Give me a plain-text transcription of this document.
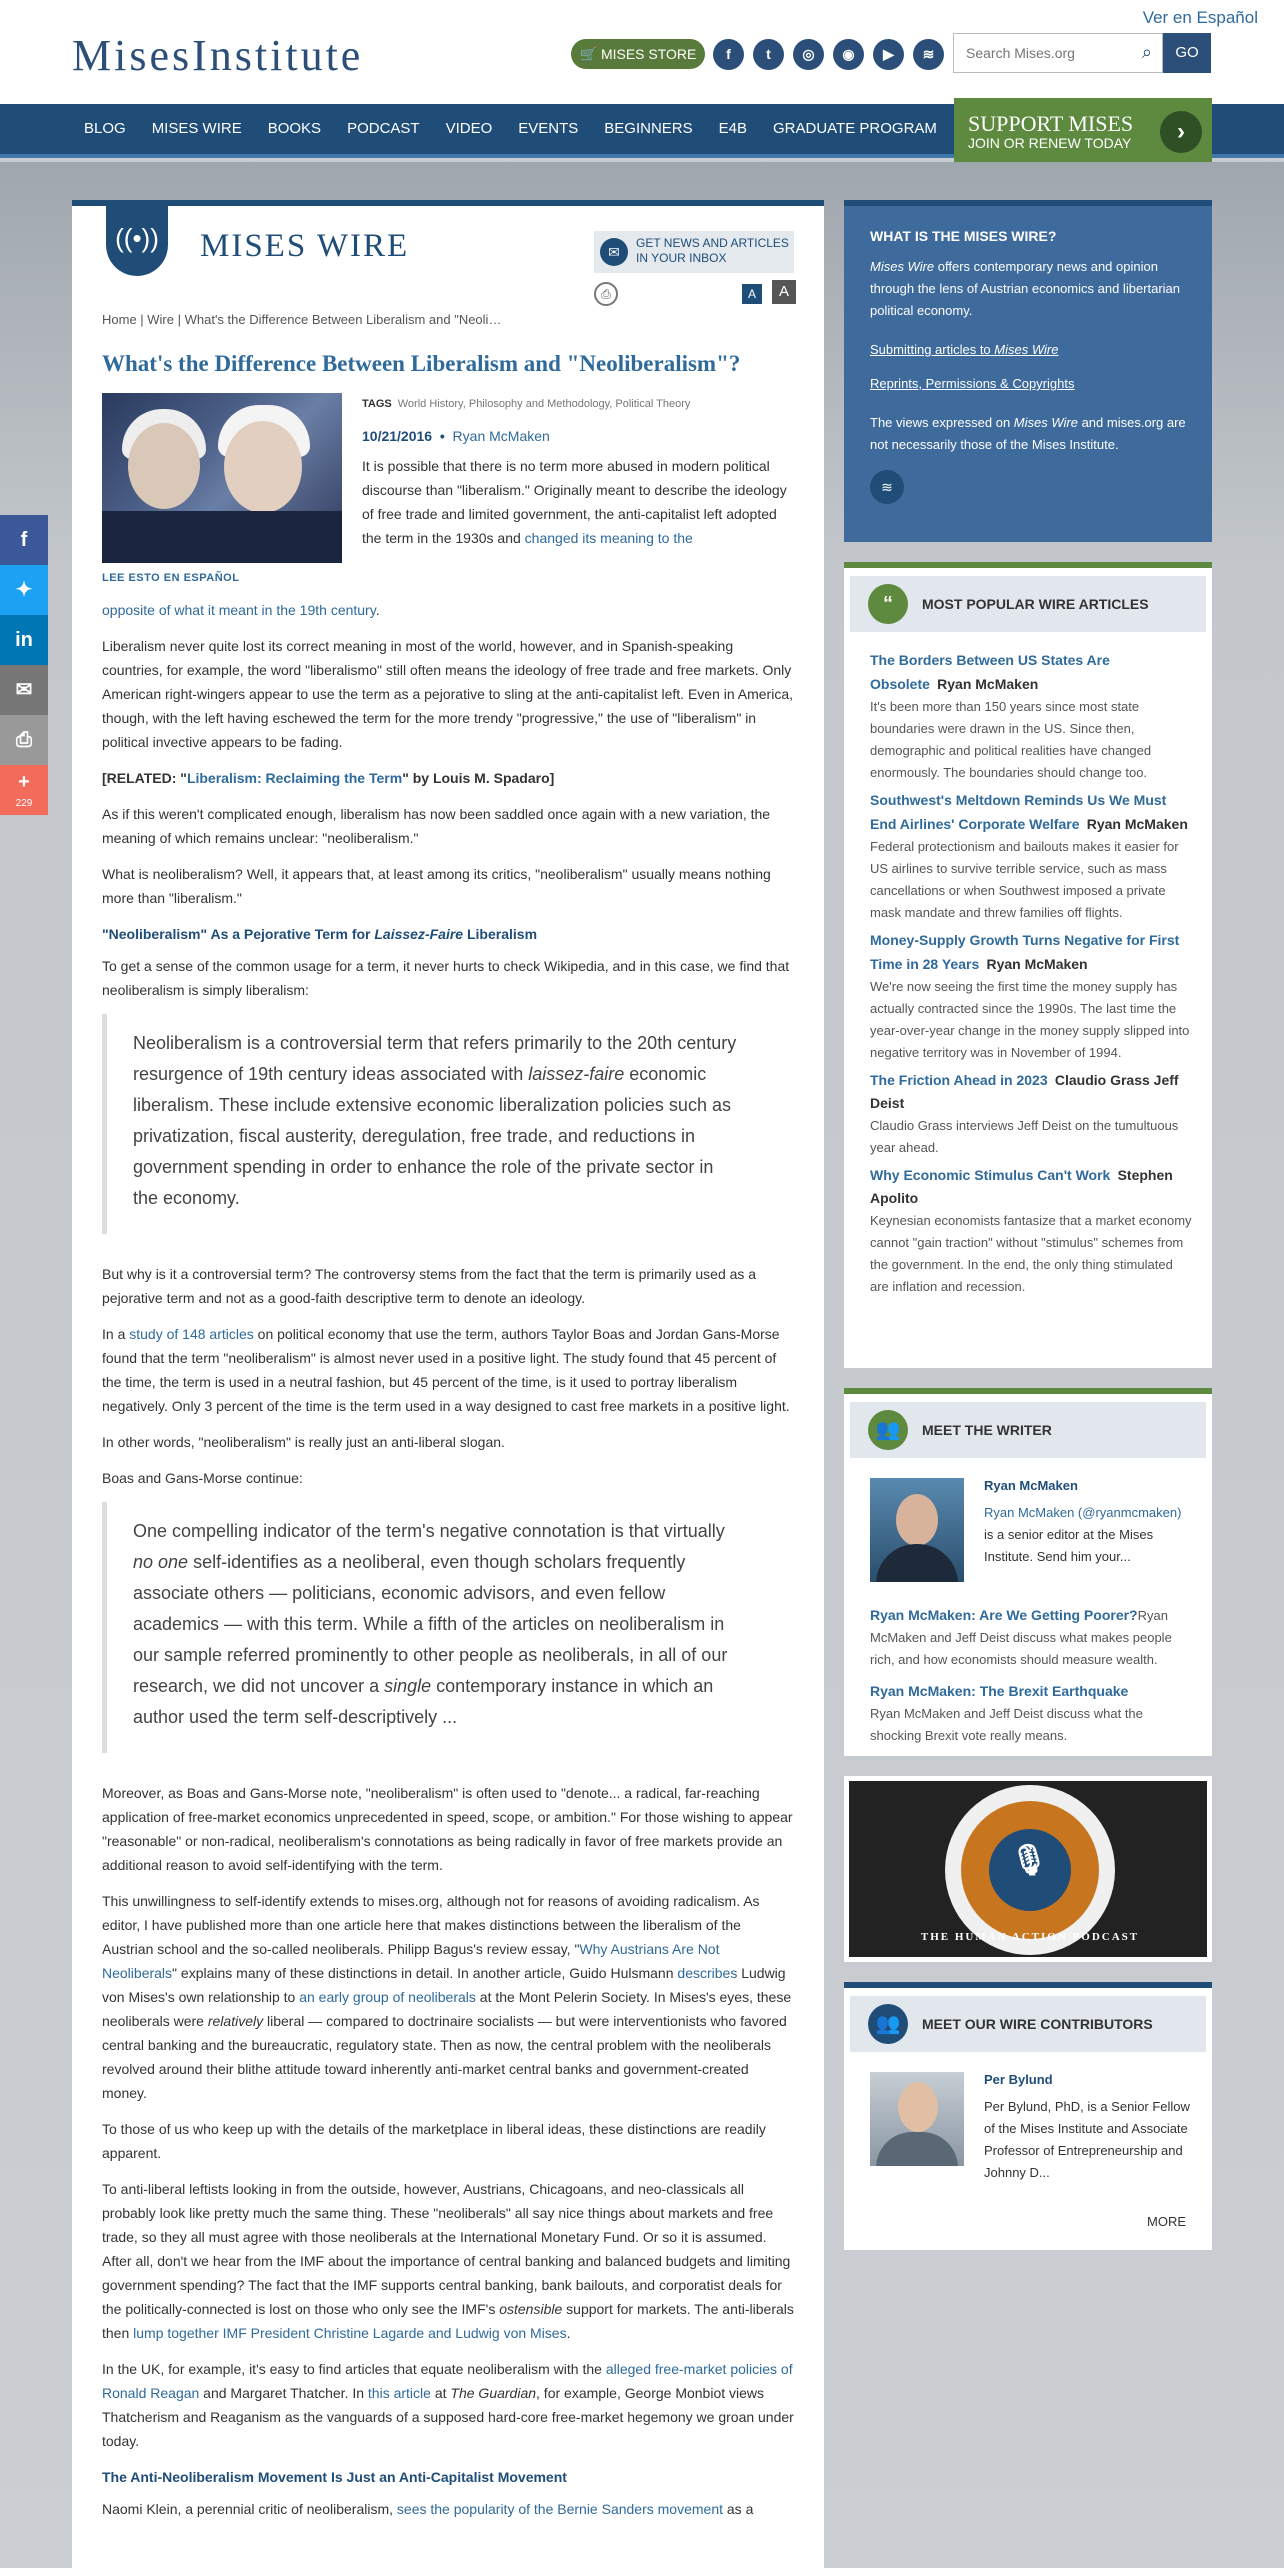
MisesInstitute
Ver en Español
🛒 MISES STORE	f	t	◎	◉	▶	≋
Search Mises.org	⌕	GO
BLOG MISES WIRE BOOKS PODCAST VIDEO EVENTS BEGINNERS E4B GRADUATE PROGRAM SUPPORT MISES
JOIN OR RENEW TODAY	›
f
✦
in
✉
⎙
+
229
((•)) MISES WIRE	✉
GET NEWS AND ARTICLES IN YOUR INBOX
⎙	A	A
Home | Wire | What's the Difference Between Liberalism and "Neoli…
What's the Difference Between Liberalism and "Neoliberalism"?
TAGS World History, Philosophy and Methodology, Political Theory
10/21/2016  •  Ryan McMaken
It is possible that there is no term more abused in modern political discourse than "liberalism." Originally meant to describe the ideology of free trade and limited government, the anti-capitalist left adopted the term in the 1930s and changed its meaning to the
LEE ESTO EN ESPAÑOL

opposite of what it meant in the 19th century.

Liberalism never quite lost its correct meaning in most of the world, however, and in Spanish-speaking countries, for example, the word "liberalismo" still often means the ideology of free trade and free markets. Only American right-wingers appear to use the term as a pejorative to sling at the anti-capitalist left. Even in America, though, with the left having eschewed the term for the more trendy "progressive," the use of "liberalism" in political invective appears to be fading.

[RELATED: "Liberalism: Reclaiming the Term" by Louis M. Spadaro]

As if this weren't complicated enough, liberalism has now been saddled once again with a new variation, the meaning of which remains unclear: "neoliberalism."

What is neoliberalism? Well, it appears that, at least among its critics, "neoliberalism" usually means nothing more than "liberalism."

"Neoliberalism" As a Pejorative Term for Laissez-Faire Liberalism

To get a sense of the common usage for a term, it never hurts to check Wikipedia, and in this case, we find that neoliberalism is simply liberalism:

Neoliberalism is a controversial term that refers primarily to the 20th century resurgence of 19th century ideas associated with laissez-faire economic liberalism. These include extensive economic liberalization policies such as privatization, fiscal austerity, deregulation, free trade, and reductions in government spending in order to enhance the role of the private sector in the economy.

But why is it a controversial term? The controversy stems from the fact that the term is primarily used as a pejorative term and not as a good-faith descriptive term to denote an ideology.

In a study of 148 articles on political economy that use the term, authors Taylor Boas and Jordan Gans-Morse found that the term "neoliberalism" is almost never used in a positive light. The study found that 45 percent of the time, the term is used in a neutral fashion, but 45 percent of the time, is it used to portray liberalism negatively. Only 3 percent of the time is the term used in a way designed to cast free markets in a positive light.

In other words, "neoliberalism" is really just an anti-liberal slogan.

Boas and Gans-Morse continue:

One compelling indicator of the term's negative connotation is that virtually no one self-identifies as a neoliberal, even though scholars frequently associate others — politicians, economic advisors, and even fellow academics — with this term. While a fifth of the articles on neoliberalism in our sample referred prominently to other people as neoliberals, in all of our research, we did not uncover a single contemporary instance in which an author used the term self-descriptively ...

Moreover, as Boas and Gans-Morse note, "neoliberalism" is often used to "denote... a radical, far-reaching application of free-market economics unprecedented in speed, scope, or ambition." For those wishing to appear "reasonable" or non-radical, neoliberalism's connotations as being radically in favor of free markets provide an additional reason to avoid self-identifying with the term.

This unwillingness to self-identify extends to mises.org, although not for reasons of avoiding radicalism. As editor, I have published more than one article here that makes distinctions between the liberalism of the Austrian school and the so-called neoliberals. Philipp Bagus's review essay, "Why Austrians Are Not Neoliberals" explains many of these distinctions in detail. In another article, Guido Hulsmann describes Ludwig von Mises's own relationship to an early group of neoliberals at the Mont Pelerin Society. In Mises's eyes, these neoliberals were relatively liberal — compared to doctrinaire socialists — but were interventionists who favored central banking and the bureaucratic, regulatory state. Then as now, the central problem with the neoliberals revolved around their blithe attitude toward inherently anti-market central banks and government-created money.

To those of us who keep up with the details of the marketplace in liberal ideas, these distinctions are readily apparent.

To anti-liberal leftists looking in from the outside, however, Austrians, Chicagoans, and neo-classicals all probably look like pretty much the same thing. These "neoliberals" all say nice things about markets and free trade, so they all must agree with those neoliberals at the International Monetary Fund. Or so it is assumed. After all, don't we hear from the IMF about the importance of central banking and balanced budgets and limiting government spending? The fact that the IMF supports central banking, bank bailouts, and corporatist deals for the politically-connected is lost on those who only see the IMF's ostensible support for markets. The anti-liberals then lump together IMF President Christine Lagarde and Ludwig von Mises.

In the UK, for example, it's easy to find articles that equate neoliberalism with the alleged free-market policies of Ronald Reagan and Margaret Thatcher. In this article at The Guardian, for example, George Monbiot views Thatcherism and Reaganism as the vanguards of a supposed hard-core free-market hegemony we groan under today.

The Anti-Neoliberalism Movement Is Just an Anti-Capitalist Movement

Naomi Klein, a perennial critic of neoliberalism, sees the popularity of the Bernie Sanders movement as a

WHAT IS THE MISES WIRE?
Mises Wire offers contemporary news and opinion through the lens of Austrian economics and libertarian political economy.
Submitting articles to Mises Wire
Reprints, Permissions & Copyrights
The views expressed on Mises Wire and mises.org are not necessarily those of the Mises Institute.
≋
“	MOST POPULAR WIRE ARTICLES
The Borders Between US States Are Obsolete Ryan McMaken
It's been more than 150 years since most state boundaries were drawn in the US. Since then, demographic and political realities have changed enormously. The boundaries should change too.
Southwest's Meltdown Reminds Us We Must End Airlines' Corporate Welfare Ryan McMaken
Federal protectionism and bailouts makes it easier for US airlines to survive terrible service, such as mass cancellations or when Southwest imposed a private mask mandate and threw families off flights.
Money-Supply Growth Turns Negative for First Time in 28 Years Ryan McMaken
We're now seeing the first time the money supply has actually contracted since the 1990s. The last time the year-over-year change in the money supply slipped into negative territory was in November of 1994.
The Friction Ahead in 2023 Claudio Grass Jeff Deist
Claudio Grass interviews Jeff Deist on the tumultuous year ahead.
Why Economic Stimulus Can't Work Stephen Apolito
Keynesian economists fantasize that a market economy cannot "gain traction" without "stimulus" schemes from the government. In the end, the only thing stimulated are inflation and recession.
👥	MEET THE WRITER
Ryan McMaken
Ryan McMaken (@ryanmcmaken) is a senior editor at the Mises Institute. Send him your...
Ryan McMaken: Are We Getting Poorer?Ryan McMaken and Jeff Deist discuss what makes people rich, and how economists should measure wealth.
Ryan McMaken: The Brexit Earthquake
Ryan McMaken and Jeff Deist discuss what the shocking Brexit vote really means.
🎙
THE HUMAN ACTION PODCAST
👥	MEET OUR WIRE CONTRIBUTORS
Per Bylund
Per Bylund, PhD, is a Senior Fellow of the Mises Institute and Associate Professor of Entrepreneurship and Johnny D...
MORE
